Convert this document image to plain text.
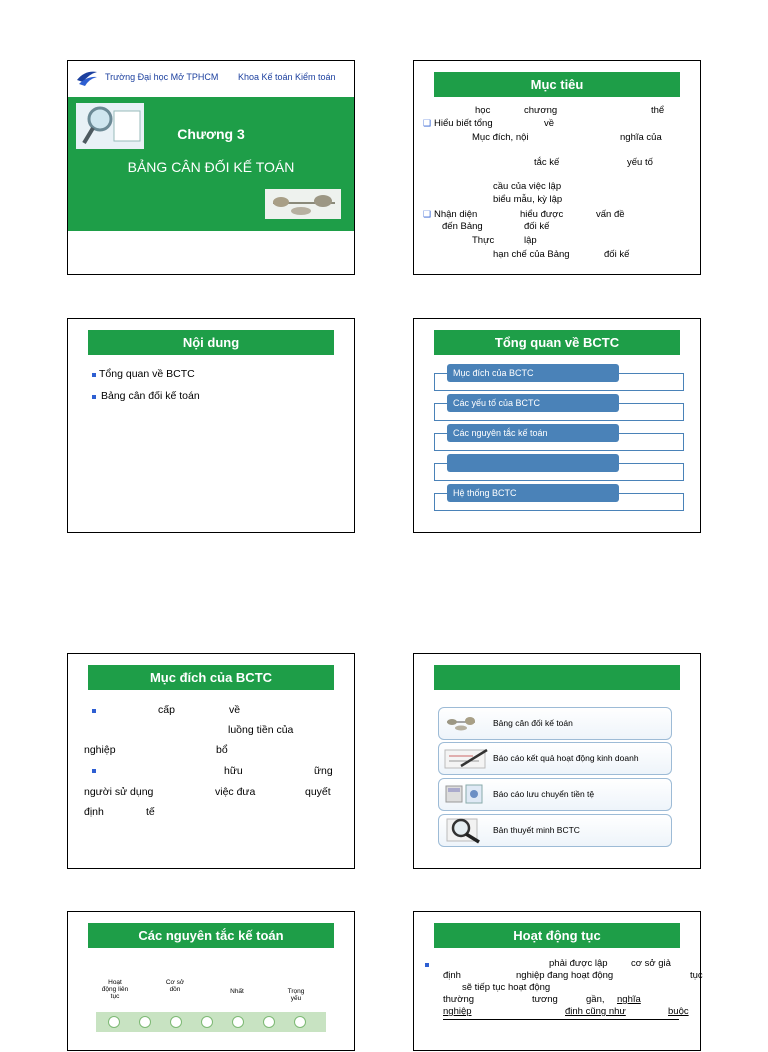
Trường Đại học Mở TPHCM Khoa Kế toán Kiểm toán
Chương 3
BẢNG CÂN ĐỐI KẾ TOÁN
Mục tiêu
học	chương	thể
❑ Hiểu biết tổng	về
Mục đích, nội	nghĩa của
tắc kế	yếu tố
cầu của việc lập
biểu mẫu, kỳ lập
❑ Nhận diện	hiểu được	vấn đề
đến Bảng	đối kế
Thực	lập
hạn chế của Bảng	đối kế
Nội dung
Tổng quan về BCTC
Bảng cân đối kế toán
Tổng quan về BCTC
Mục đích của BCTC
Các yếu tố của BCTC
Các nguyên tắc kế toán
Hệ thống BCTC
Mục đích của BCTC
cấp	về
luồng tiền của
nghiệp	bổ
hữu	ững
người sử dụng	việc đưa	quyết
định	tế
Bảng cân đối kế toán
Báo cáo kết quả hoạt động kinh doanh
Báo cáo lưu chuyển tiền tệ
Bản thuyết minh BCTC
Các nguyên tắc kế toán
Hoạt động liên tục
Cơ sở dồn	Nhất	Trọng yếu
Hoạt động tục
phải được lập cơ sở giả
định	nghiệp đang hoạt động	tục
sẽ tiếp tục hoạt động
thường	tương	gần, nghĩa
nghiệp	định cũng như	buộc
